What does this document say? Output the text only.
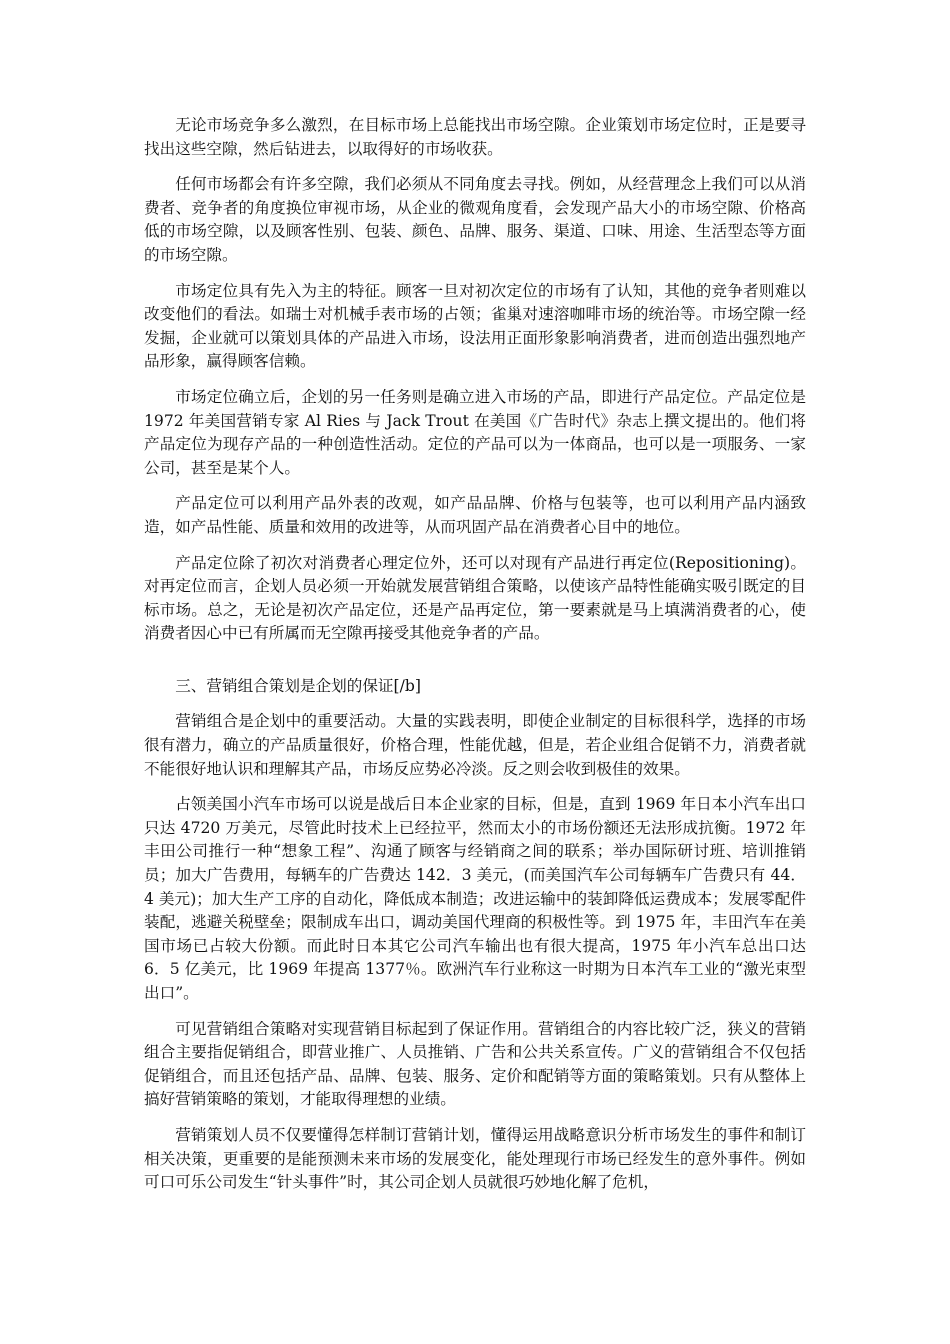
无论市场竞争多么激烈，在目标市场上总能找出市场空隙。企业策划市场定位时，正是要寻找出这些空隙，然后钻进去，以取得好的市场收获。

任何市场都会有许多空隙，我们必须从不同角度去寻找。例如，从经营理念上我们可以从消费者、竞争者的角度换位审视市场，从企业的微观角度看，会发现产品大小的市场空隙、价格高低的市场空隙，以及顾客性别、包装、颜色、品牌、服务、渠道、口味、用途、生活型态等方面的市场空隙。

市场定位具有先入为主的特征。顾客一旦对初次定位的市场有了认知，其他的竞争者则难以改变他们的看法。如瑞士对机械手表市场的占领；雀巢对速溶咖啡市场的统治等。市场空隙一经发掘，企业就可以策划具体的产品进入市场，设法用正面形象影响消费者，进而创造出强烈地产品形象，赢得顾客信赖。

市场定位确立后，企划的另一任务则是确立进入市场的产品，即进行产品定位。产品定位是 1972 年美国营销专家 Al Ries 与 Jack Trout 在美国《广告时代》杂志上撰文提出的。他们将产品定位为现存产品的一种创造性活动。定位的产品可以为一体商品，也可以是一项服务、一家公司，甚至是某个人。

产品定位可以利用产品外表的改观，如产品品牌、价格与包装等，也可以利用产品内涵致造，如产品性能、质量和效用的改进等，从而巩固产品在消费者心目中的地位。

产品定位除了初次对消费者心理定位外，还可以对现有产品进行再定位(Repositioning)。对再定位而言，企划人员必须一开始就发展营销组合策略，以使该产品特性能确实吸引既定的目标市场。总之，无论是初次产品定位，还是产品再定位，第一要素就是马上填满消费者的心，使消费者因心中已有所属而无空隙再接受其他竞争者的产品。

三、营销组合策划是企划的保证[/b]

营销组合是企划中的重要活动。大量的实践表明，即使企业制定的目标很科学，选择的市场很有潜力，确立的产品质量很好，价格合理，性能优越，但是，若企业组合促销不力，消费者就不能很好地认识和理解其产品，市场反应势必冷淡。反之则会收到极佳的效果。

占领美国小汽车市场可以说是战后日本企业家的目标，但是，直到 1969 年日本小汽车出口只达 4720 万美元，尽管此时技术上已经拉平，然而太小的市场份额还无法形成抗衡。1972 年丰田公司推行一种“想象工程”、沟通了顾客与经销商之间的联系；举办国际研讨班、培训推销员；加大广告费用，每辆车的广告费达 142．3 美元，(而美国汽车公司每辆车广告费只有 44．4 美元)；加大生产工序的自动化，降低成本制造；改进运输中的装卸降低运费成本；发展零配件装配，逃避关税壁垒；限制成车出口，调动美国代理商的积极性等。到 1975 年，丰田汽车在美国市场已占较大份额。而此时日本其它公司汽车输出也有很大提高，1975 年小汽车总出口达 6．5 亿美元，比 1969 年提高 1377％。欧洲汽车行业称这一时期为日本汽车工业的“激光束型出口”。

可见营销组合策略对实现营销目标起到了保证作用。营销组合的内容比较广泛，狭义的营销组合主要指促销组合，即营业推广、人员推销、广告和公共关系宣传。广义的营销组合不仅包括促销组合，而且还包括产品、品牌、包装、服务、定价和配销等方面的策略策划。只有从整体上搞好营销策略的策划，才能取得理想的业绩。

营销策划人员不仅要懂得怎样制订营销计划，懂得运用战略意识分析市场发生的事件和制订相关决策，更重要的是能预测未来市场的发展变化，能处理现行市场已经发生的意外事件。例如可口可乐公司发生“针头事件”时，其公司企划人员就很巧妙地化解了危机，
